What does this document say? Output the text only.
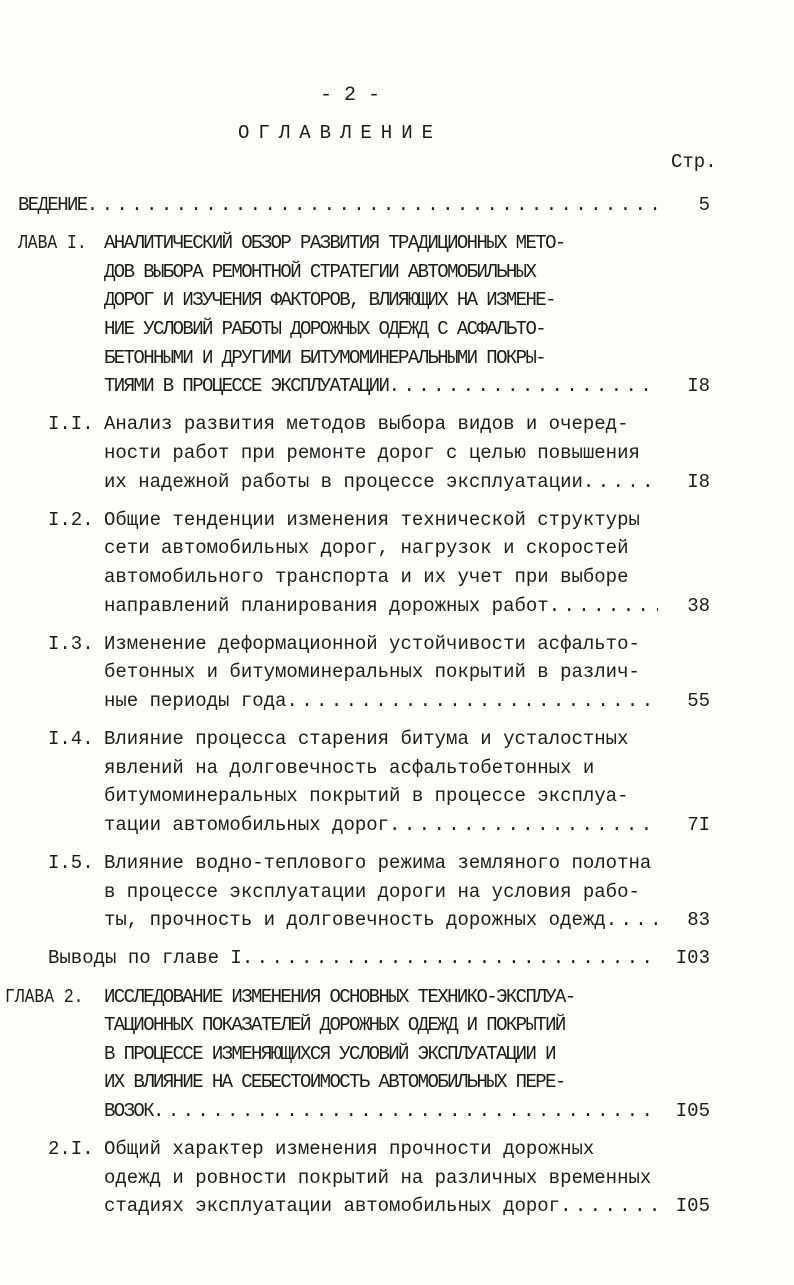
- 2 -
ОГЛАВЛЕНИЕ
Стр.
5
ВЕДЕНИЕ
. . .
ЛАВА I. АНАЛИТИЧЕСКИЙ ОБЗОР РАЗВИТИЯ ТРАДИЦИОННЫХ МЕТО-
ДОВ ВЫБОРА РЕМОНТНОЙ СТРАТЕГИИ АВТОМОБИЛЬНЫХ
ДОРОГ И ИЗУЧЕНИЯ ФАКТОРОВ, ВЛИЯЮЩИХ НА ИЗМЕНЕ-
НИЕ УСЛОВИЙ РАБОТЫ ДОРОЖНЫХ ОДЕЖД С АСФАЛЬТО-
БЕТОННЫМИ И ДРУГИМИ БИТУМОМИНЕРАЛЬНЫМИ ПОКРЫ-
I8
ТИЯМИ В ПРОЦЕССЕ ЭКСПЛУАТАЦИИ
. . .
I.I. Анализ развития методов выбора видов и очеред-
ности работ при ремонте дорог с целью повышения
I8
их надежной работы в процессе эксплуатации
. . .
I.2. Общие тенденции изменения технической структуры
сети автомобильных дорог, нагрузок и скоростей
автомобильного транспорта и их учет при выборе
38
направлений планирования дорожных работ
. . .
I.3. Изменение деформационной устойчивости асфальто-
бетонных и битумоминеральных покрытий в различ-
55
ные периоды года
. . .
I.4. Влияние процесса старения битума и усталостных
явлений на долговечность асфальтобетонных и
битумоминеральных покрытий в процессе эксплуа-
7I
тации автомобильных дорог
. . .
I.5. Влияние водно-теплового режима земляного полотна
в процессе эксплуатации дороги на условия рабо-
83
ты, прочность и долговечность дорожных одежд
. . .
I03
Выводы по главе I
. . .
ГЛАВА 2. ИССЛЕДОВАНИЕ ИЗМЕНЕНИЯ ОСНОВНЫХ ТЕХНИКО-ЭКСПЛУА-
ТАЦИОННЫХ ПОКАЗАТЕЛЕЙ ДОРОЖНЫХ ОДЕЖД И ПОКРЫТИЙ
В ПРОЦЕССЕ ИЗМЕНЯЮЩИХСЯ УСЛОВИЙ ЭКСПЛУАТАЦИИ И
ИХ ВЛИЯНИЕ НА СЕБЕСТОИМОСТЬ АВТОМОБИЛЬНЫХ ПЕРЕ-
I05
ВОЗОК
. . .
2.I. Общий характер изменения прочности дорожных
одежд и ровности покрытий на различных временных
I05
стадиях эксплуатации автомобильных дорог
. . .
